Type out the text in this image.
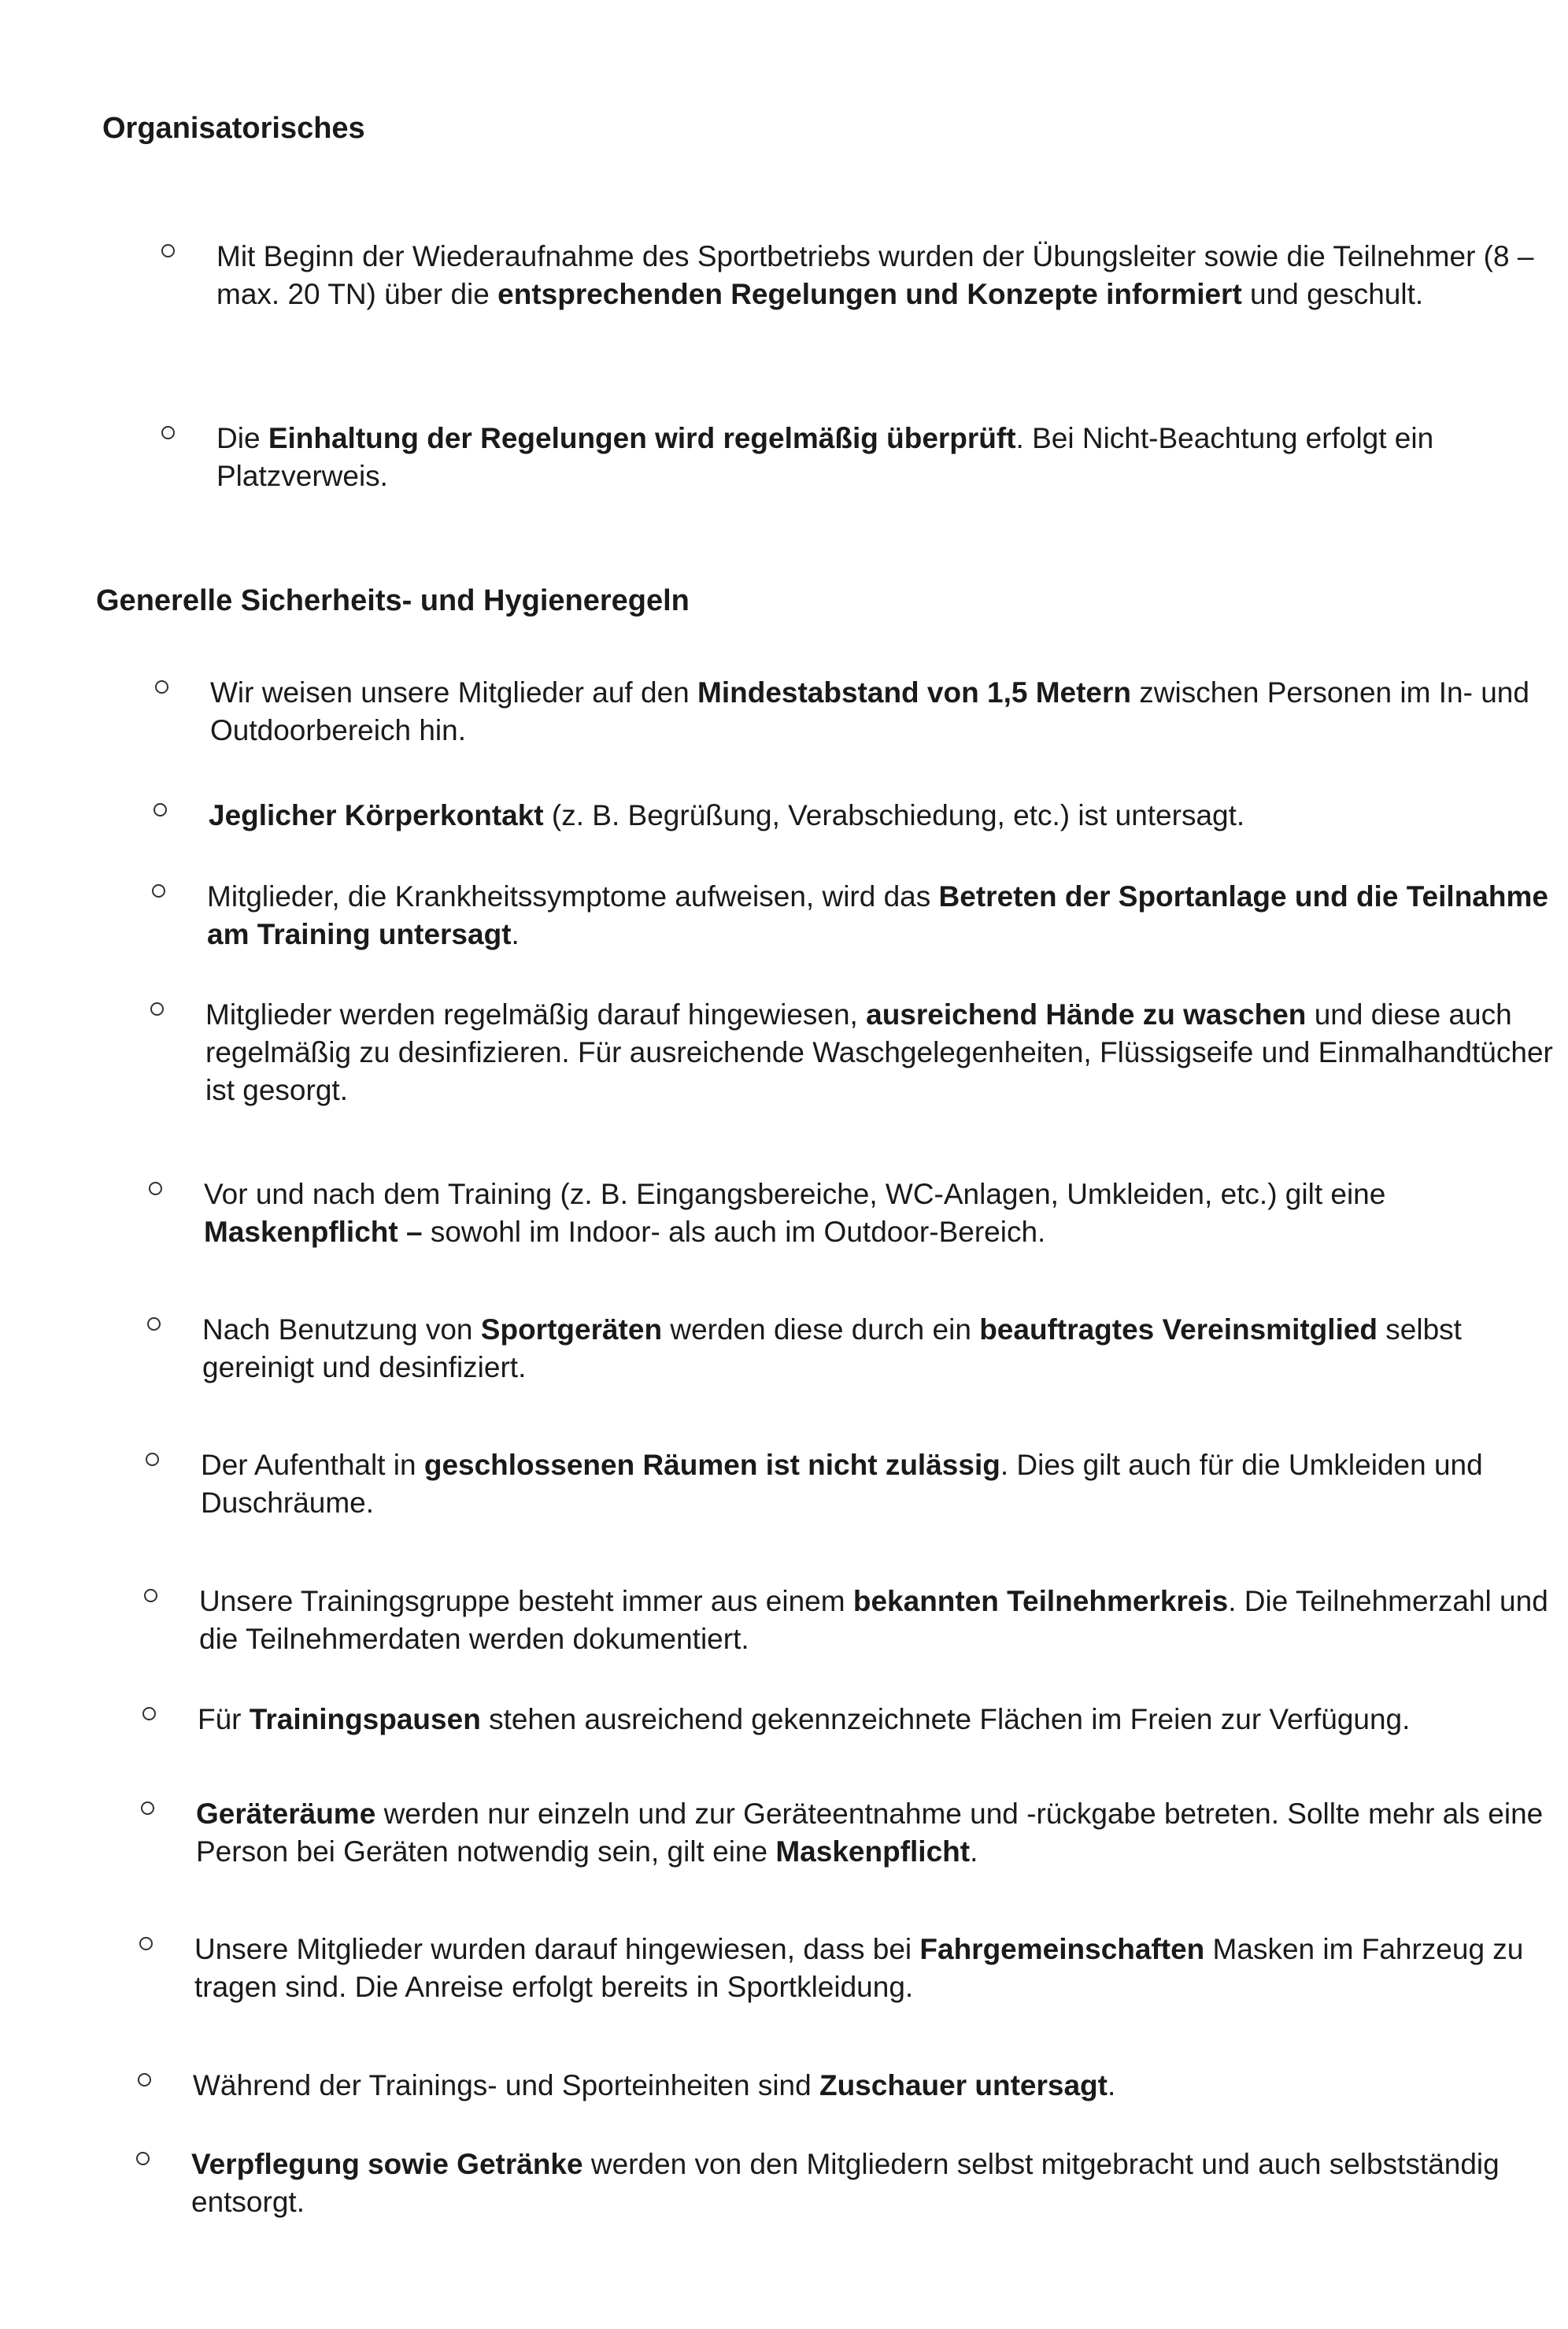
Organisatorisches
Mit Beginn der Wiederaufnahme des Sportbetriebs wurden der Übungsleiter sowie die Teilnehmer (8 – max. 20 TN) über die entsprechenden Regelungen und Konzepte informiert und geschult.
Die Einhaltung der Regelungen wird regelmäßig überprüft. Bei Nicht-Beachtung erfolgt ein Platzverweis.
Generelle Sicherheits- und Hygieneregeln
Wir weisen unsere Mitglieder auf den Mindestabstand von 1,5 Metern zwischen Personen im In- und Outdoorbereich hin.
Jeglicher Körperkontakt (z. B. Begrüßung, Verabschiedung, etc.) ist untersagt.
Mitglieder, die Krankheitssymptome aufweisen, wird das Betreten der Sportanlage und die Teilnahme am Training untersagt.
Mitglieder werden regelmäßig darauf hingewiesen, ausreichend Hände zu waschen und diese auch regelmäßig zu desinfizieren. Für ausreichende Waschgelegenheiten, Flüssigseife und Einmalhandtücher ist gesorgt.
Vor und nach dem Training (z. B. Eingangsbereiche, WC-Anlagen, Umkleiden, etc.) gilt eine Maskenpflicht – sowohl im Indoor- als auch im Outdoor-Bereich.
Nach Benutzung von Sportgeräten werden diese durch ein beauftragtes Vereinsmitglied selbst gereinigt und desinfiziert.
Der Aufenthalt in geschlossenen Räumen ist nicht zulässig. Dies gilt auch für die Umkleiden und Duschräume.
Unsere Trainingsgruppe besteht immer aus einem bekannten Teilnehmerkreis. Die Teilnehmerzahl und die Teilnehmerdaten werden dokumentiert.
Für Trainingspausen stehen ausreichend gekennzeichnete Flächen im Freien zur Verfügung.
Geräteräume werden nur einzeln und zur Geräteentnahme und -rückgabe betreten. Sollte mehr als eine Person bei Geräten notwendig sein, gilt eine Maskenpflicht.
Unsere Mitglieder wurden darauf hingewiesen, dass bei Fahrgemeinschaften Masken im Fahrzeug zu tragen sind. Die Anreise erfolgt bereits in Sportkleidung.
Während der Trainings- und Sporteinheiten sind Zuschauer untersagt.
Verpflegung sowie Getränke werden von den Mitgliedern selbst mitgebracht und auch selbstständig entsorgt.
